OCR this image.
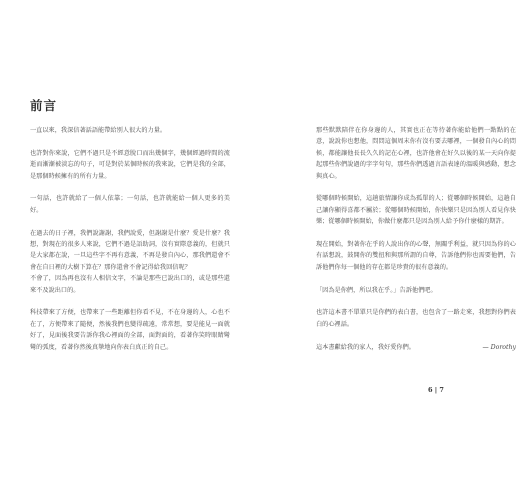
前言

一直以來，我深信著話語能帶給別人很大的力量。

也許對你來說，它們不過只是不經意脫口而出幾個字，幾個經過時間的流逝而漸漸被淡忘的句子，可是對於某個時候的我來說，它們是我的全部，是那個時候擁有的所有力量。

一句話，也許就給了一個人依靠；一句話，也許就能給一個人更多的美好。

在過去的日子裡，我們說謝謝，我們說愛，但謝謝是什麼？愛是什麼？我想，對現在的很多人來說，它們不過是語助詞，沒有實際意義的，但就只是大家都在說，一旦這些字不再有意義，不再是發自內心，那我們還會不會在自日裡的大樹下算在？那你還會不會記得給我回信呢？

不會了，因為再也沒有人相信文字，不論是那些已說出口的，或是那些還來不及說出口的。

科技帶來了方便，也帶來了一些距離但你看不見，不在身邊的人，心也不在了，方便帶來了隨便，然後我們也變得疏遠，常常想，要是能見一面就好了，見面後我要告訴你我心裡面的全部，面對面的，看著你笑時眼睛彎彎的弧度，看著你然後真摯地向你表白真正的自己。

那些默默陪伴在你身邊的人，其實也正在等待著你能給他們一點點的在意，說說你也想他，問問這個周末你有沒有要去哪裡，一個發自內心的問候，都能讓他長長久久的記在心裡，也許他會在好久以後的某一天向你提起那些你們說過的字字句句，那些你們透過言語表達的溫暖與感動，想念與真心。

從哪個時候開始，這趟旅情讓你成為孤單的人；從哪個時候開始，這趟自己讓你顯得喜都不屬於；從哪個時候開始，你快樂只是因為別人看見你快樂；從哪個時候開始，你做什麼都只是因為別人給予你什麼樣的期許。

現在開始，對著你在乎的人說出你的心聲，無關乎利益，就只因為你的心有話想說，鼓開你的雙扭和與那所謂的自尊，告訴他們你也需要他們，告訴他們你每一個他的存在都是珍貴的很有意義的。

「因為是你們，所以我在乎。」告訴他們吧。

也許這本書不單單只是你們的表白書，也包含了一路走來，我想對你們表白的心裡話。

這本書獻給我的家人，我好愛你們。	— Dorothy
6 | 7
